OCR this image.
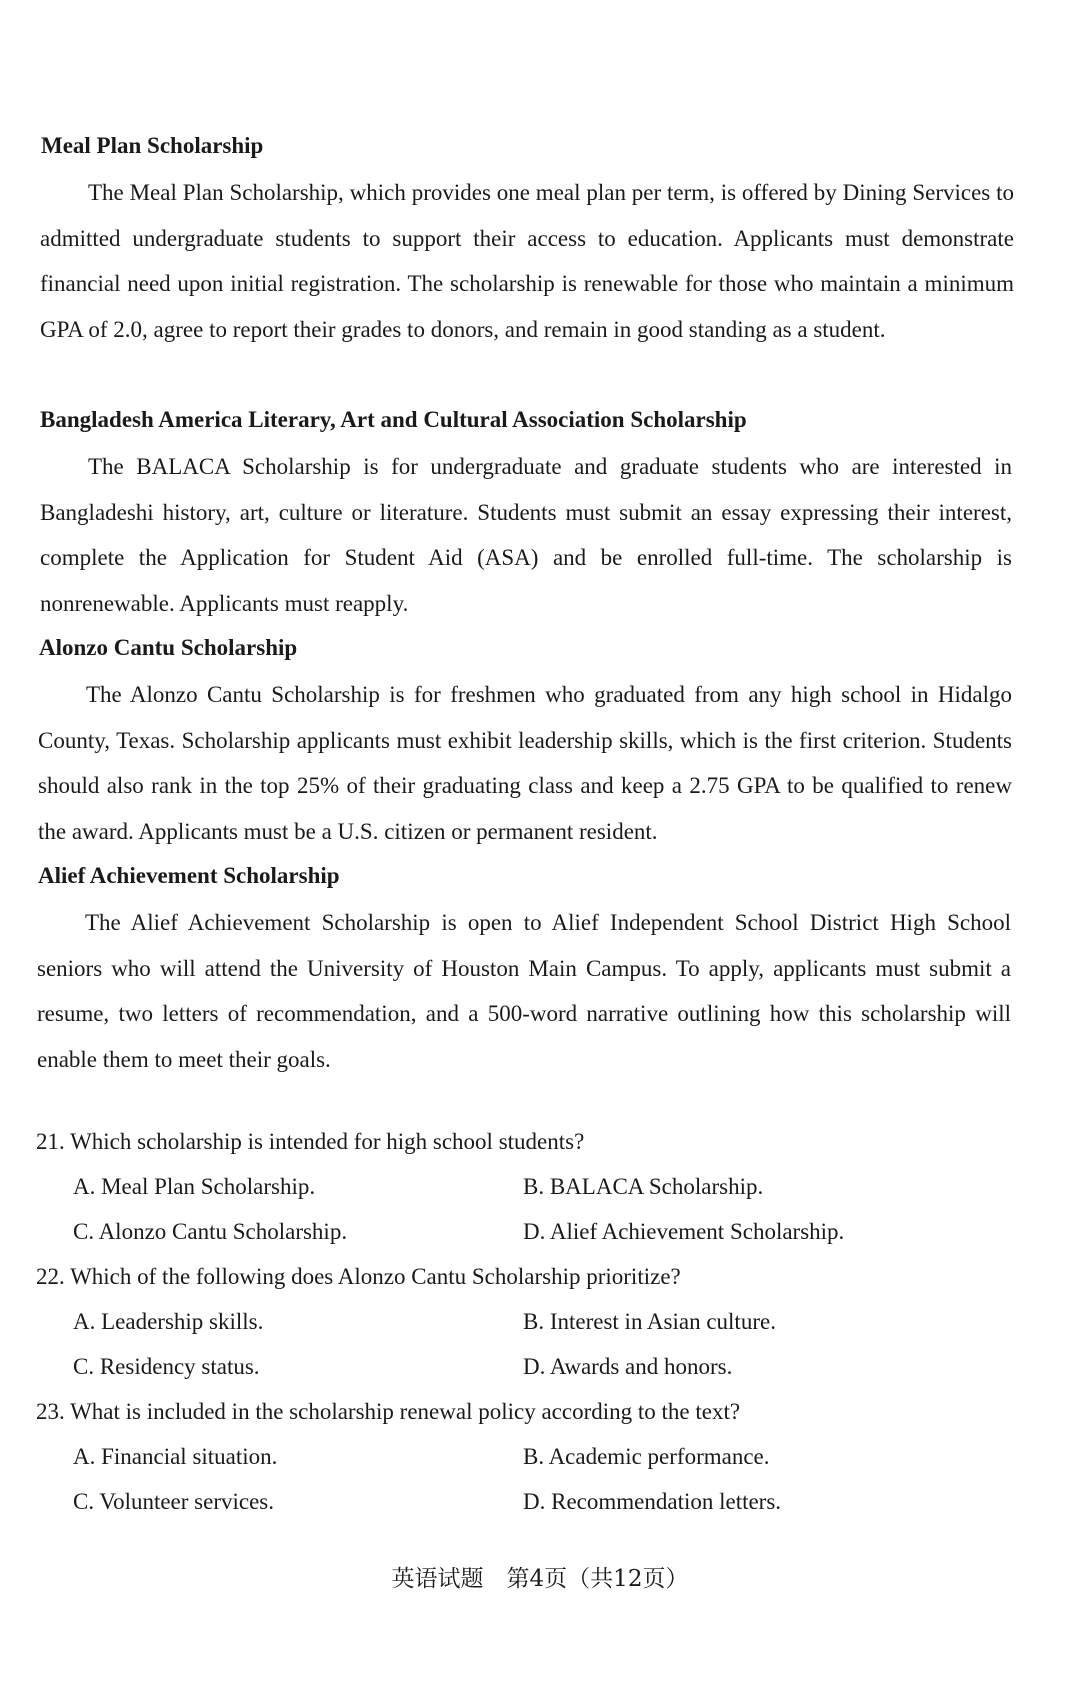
Meal Plan Scholarship

The Meal Plan Scholarship, which provides one meal plan per term, is offered by Dining Services to admitted undergraduate students to support their access to education. Applicants must demonstrate financial need upon initial registration. The scholarship is renewable for those who maintain a minimum GPA of 2.0, agree to report their grades to donors, and remain in good standing as a student.

Bangladesh America Literary, Art and Cultural Association Scholarship

The BALACA Scholarship is for undergraduate and graduate students who are interested in Bangladeshi history, art, culture or literature. Students must submit an essay expressing their interest, complete the Application for Student Aid (ASA) and be enrolled full-time. The scholarship is nonrenewable. Applicants must reapply.

Alonzo Cantu Scholarship

The Alonzo Cantu Scholarship is for freshmen who graduated from any high school in Hidalgo County, Texas. Scholarship applicants must exhibit leadership skills, which is the first criterion. Students should also rank in the top 25% of their graduating class and keep a 2.75 GPA to be qualified to renew the award. Applicants must be a U.S. citizen or permanent resident.

Alief Achievement Scholarship

The Alief Achievement Scholarship is open to Alief Independent School District High School seniors who will attend the University of Houston Main Campus. To apply, applicants must submit a resume, two letters of recommendation, and a 500-word narrative outlining how this scholarship will enable them to meet their goals.

21. Which scholarship is intended for high school students?
A. Meal Plan Scholarship.	B. BALACA Scholarship.
C. Alonzo Cantu Scholarship.	D. Alief Achievement Scholarship.
22. Which of the following does Alonzo Cantu Scholarship prioritize?
A. Leadership skills.	B. Interest in Asian culture.
C. Residency status.	D. Awards and honors.
23. What is included in the scholarship renewal policy according to the text?
A. Financial situation.	B. Academic performance.
C. Volunteer services.	D. Recommendation letters.
英语试题　第4页（共12页）
